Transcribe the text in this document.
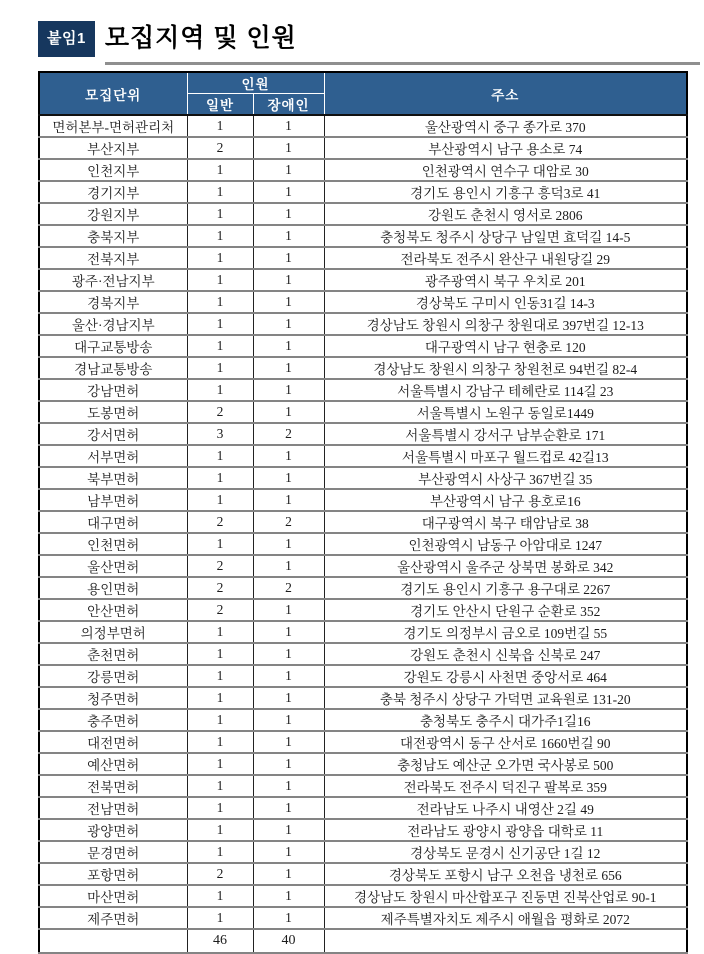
붙임1 모집지역 및 인원
모집단위	인원		주소
	일반	장애인	
면허본부-면허관리처	1	1	울산광역시 중구 종가로 370
부산지부	2	1	부산광역시 남구 용소로 74
인천지부	1	1	인천광역시 연수구 대암로 30
경기지부	1	1	경기도 용인시 기흥구 흥덕3로 41
강원지부	1	1	강원도 춘천시 영서로 2806
충북지부	1	1	충청북도 청주시 상당구 남일면 효덕길 14-5
전북지부	1	1	전라북도 전주시 완산구 내원당길 29
광주·전남지부	1	1	광주광역시 북구 우치로 201
경북지부	1	1	경상북도 구미시 인동31길 14-3
울산·경남지부	1	1	경상남도 창원시 의창구 창원대로 397번길 12-13
대구교통방송	1	1	대구광역시 남구 현충로 120
경남교통방송	1	1	경상남도 창원시 의창구 창원천로 94번길 82-4
강남면허	1	1	서울특별시 강남구 테헤란로 114길 23
도봉면허	2	1	서울특별시 노원구 동일로1449
강서면허	3	2	서울특별시 강서구 남부순환로 171
서부면허	1	1	서울특별시 마포구 월드컵로 42길13
북부면허	1	1	부산광역시 사상구 367번길 35
남부면허	1	1	부산광역시 남구 용호로16
대구면허	2	2	대구광역시 북구 태암남로 38
인천면허	1	1	인천광역시 남동구 아암대로 1247
울산면허	2	1	울산광역시 울주군 상북면 봉화로 342
용인면허	2	2	경기도 용인시 기흥구 용구대로 2267
안산면허	2	1	경기도 안산시 단원구 순환로 352
의정부면허	1	1	경기도 의정부시 금오로 109번길 55
춘천면허	1	1	강원도 춘천시 신북읍 신북로 247
강릉면허	1	1	강원도 강릉시 사천면 중앙서로 464
청주면허	1	1	충북 청주시 상당구 가덕면 교육원로 131-20
충주면허	1	1	충청북도 충주시 대가주1길16
대전면허	1	1	대전광역시 동구 산서로 1660번길 90
예산면허	1	1	충청남도 예산군 오가면 국사봉로 500
전북면허	1	1	전라북도 전주시 덕진구 팔복로 359
전남면허	1	1	전라남도 나주시 내영산 2길 49
광양면허	1	1	전라남도 광양시 광양읍 대학로 11
문경면허	1	1	경상북도 문경시 신기공단 1길 12
포항면허	2	1	경상북도 포항시 남구 오천읍 냉천로 656
마산면허	1	1	경상남도 창원시 마산합포구 진동면 진북산업로 90-1
제주면허	1	1	제주특별자치도 제주시 애월읍 평화로 2072
	46	40	
